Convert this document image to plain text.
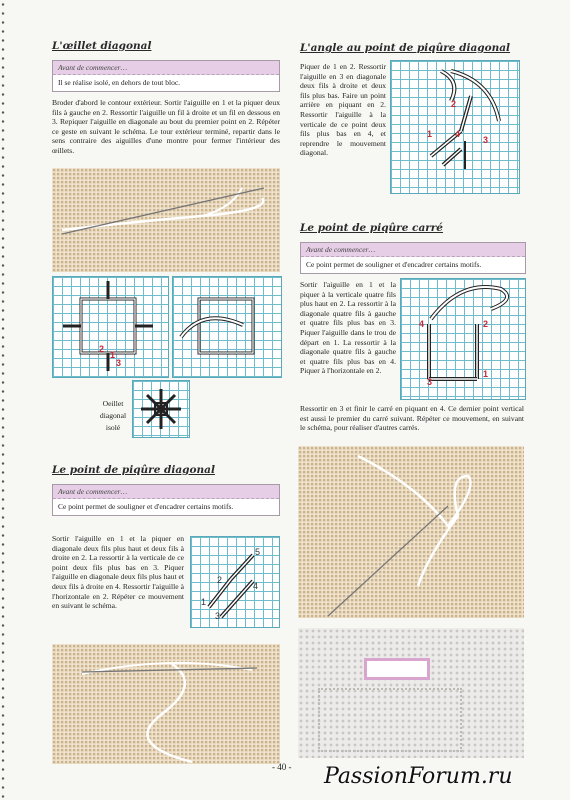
L'œillet diagonal
Avant de commencer…
Il se réalise isolé, en dehors de tout bloc.
Broder d'abord le contour extérieur. Sortir l'aiguille en 1 et la piquer deux fils à gauche en 2. Ressortir l'aiguille un fil à droite et un fil en dessous en 3. Repiquer l'aiguille en diagonale au bout du premier point en 2. Répéter ce geste en suivant le schéma. Le tour extérieur terminé, repartir dans le sens contraire des aiguilles d'une montre pour fermer l'intérieur des œillets.
2
1
3
Oeillet
diagonal
isolé
Le point de piqûre diagonal
Avant de commencer…
Ce point permet de souligner et d'encadrer certains motifs.
Sortir l'aiguille en 1 et la piquer en diagonale deux fils plus haut et deux fils à droite en 2. La ressortir à la verticale de ce point deux fils plus bas en 3. Piquer l'aiguille en diagonale deux fils plus haut et deux fils à droite en 4. Ressortir l'aiguille à l'horizontale en 2. Répéter ce mouvement en suivant le schéma.
5
2
4
1
3
L'angle au point de piqûre diagonal
Piquer de 1 en 2. Ressortir l'aiguille en 3 en diagonale deux fils à droite et deux fils plus bas. Faire un point arrière en piquant en 2. Ressortir l'aiguille à la verticale de ce point deux fils plus bas en 4, et reprendre le mouvement diagonal.
2
1	4
3
Le point de piqûre carré
Avant de commencer…
Ce point permet de souligner et d'encadrer certains motifs.
Sortir l'aiguille en 1 et la piquer à la verticale quatre fils plus haut en 2. La ressortir à la diagonale quatre fils à gauche et quatre fils plus bas en 3. Piquer l'aiguille dans le trou de départ en 1. La ressortir à la diagonale quatre fils à gauche et quatre fils plus bas en 4. Piquer à l'horizontale en 2.
4	2
1
3
Ressortir en 3 et finir le carré en piquant en 4. Ce dernier point vertical est aussi le premier du carré suivant. Répéter ce mouvement, en suivant le schéma, pour réaliser d'autres carrés.
- 40 - PassionForum.ru
